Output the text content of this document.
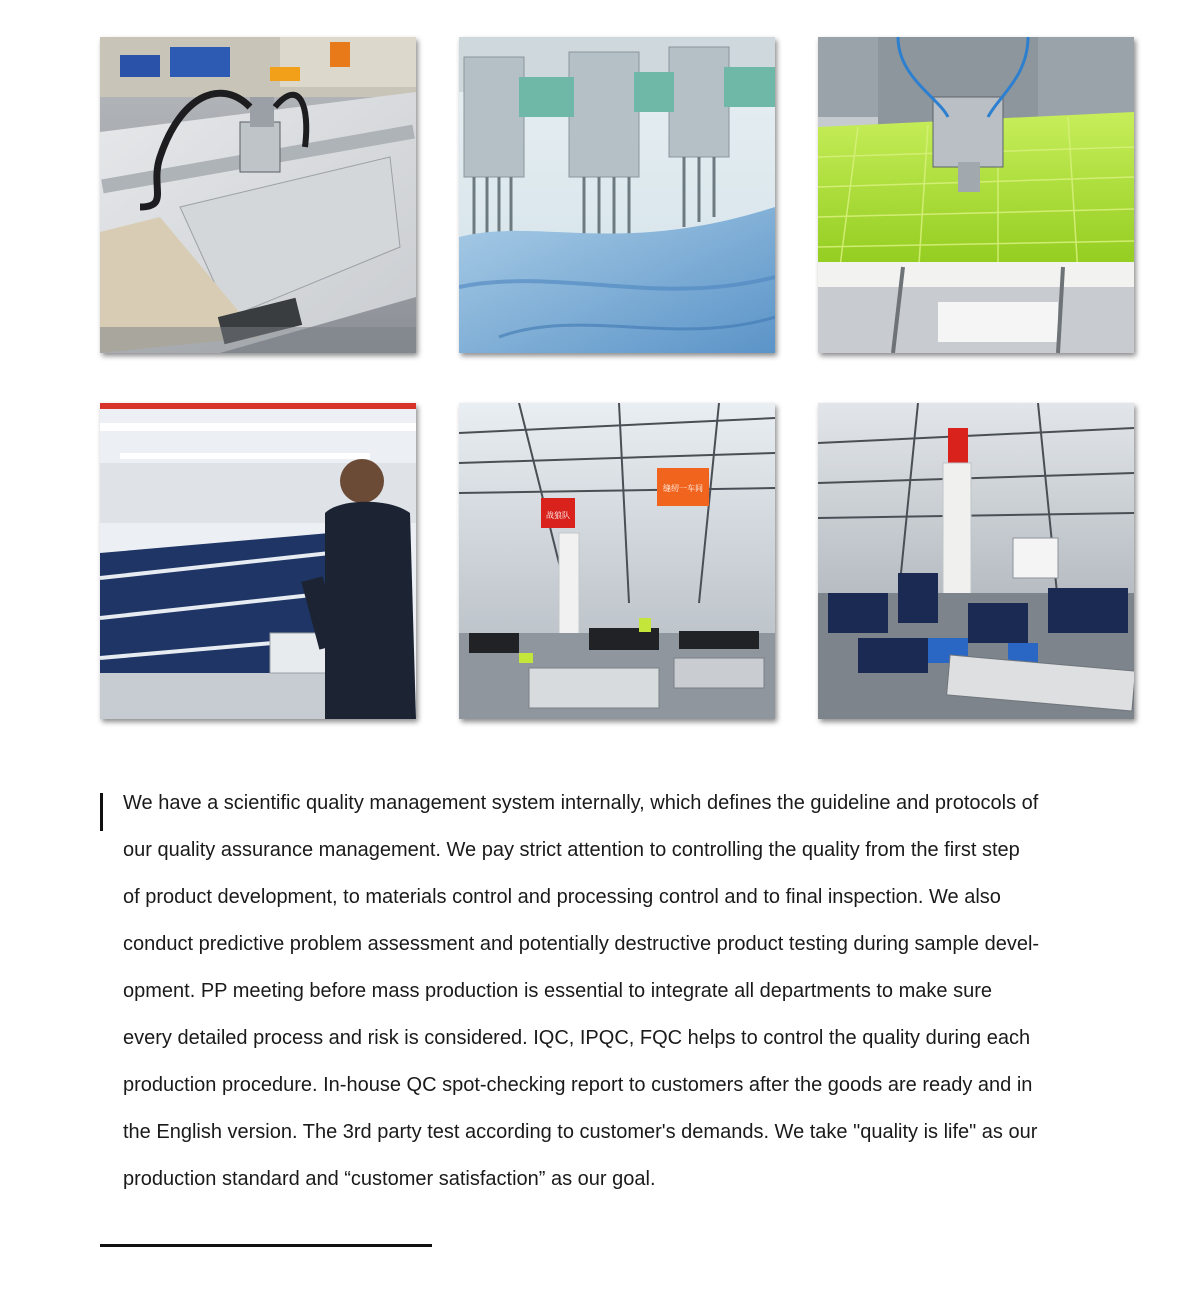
战狼队
缝纫一车间
We have a scientific quality management system internally, which defines the guideline and protocols of
our quality assurance management. We pay strict attention to controlling the quality from the first step
of product development, to materials control and processing control and to final inspection. We also
conduct predictive problem assessment and potentially destructive product testing during sample devel-
opment. PP meeting before mass production is essential to integrate all departments to make sure
every detailed process and risk is considered. IQC, IPQC, FQC helps to control the quality during each
production procedure. In-house QC spot-checking report to customers after the goods are ready and in
the English version. The 3rd party test according to customer's demands. We take "quality is life" as our
production standard and “customer satisfaction” as our goal.
